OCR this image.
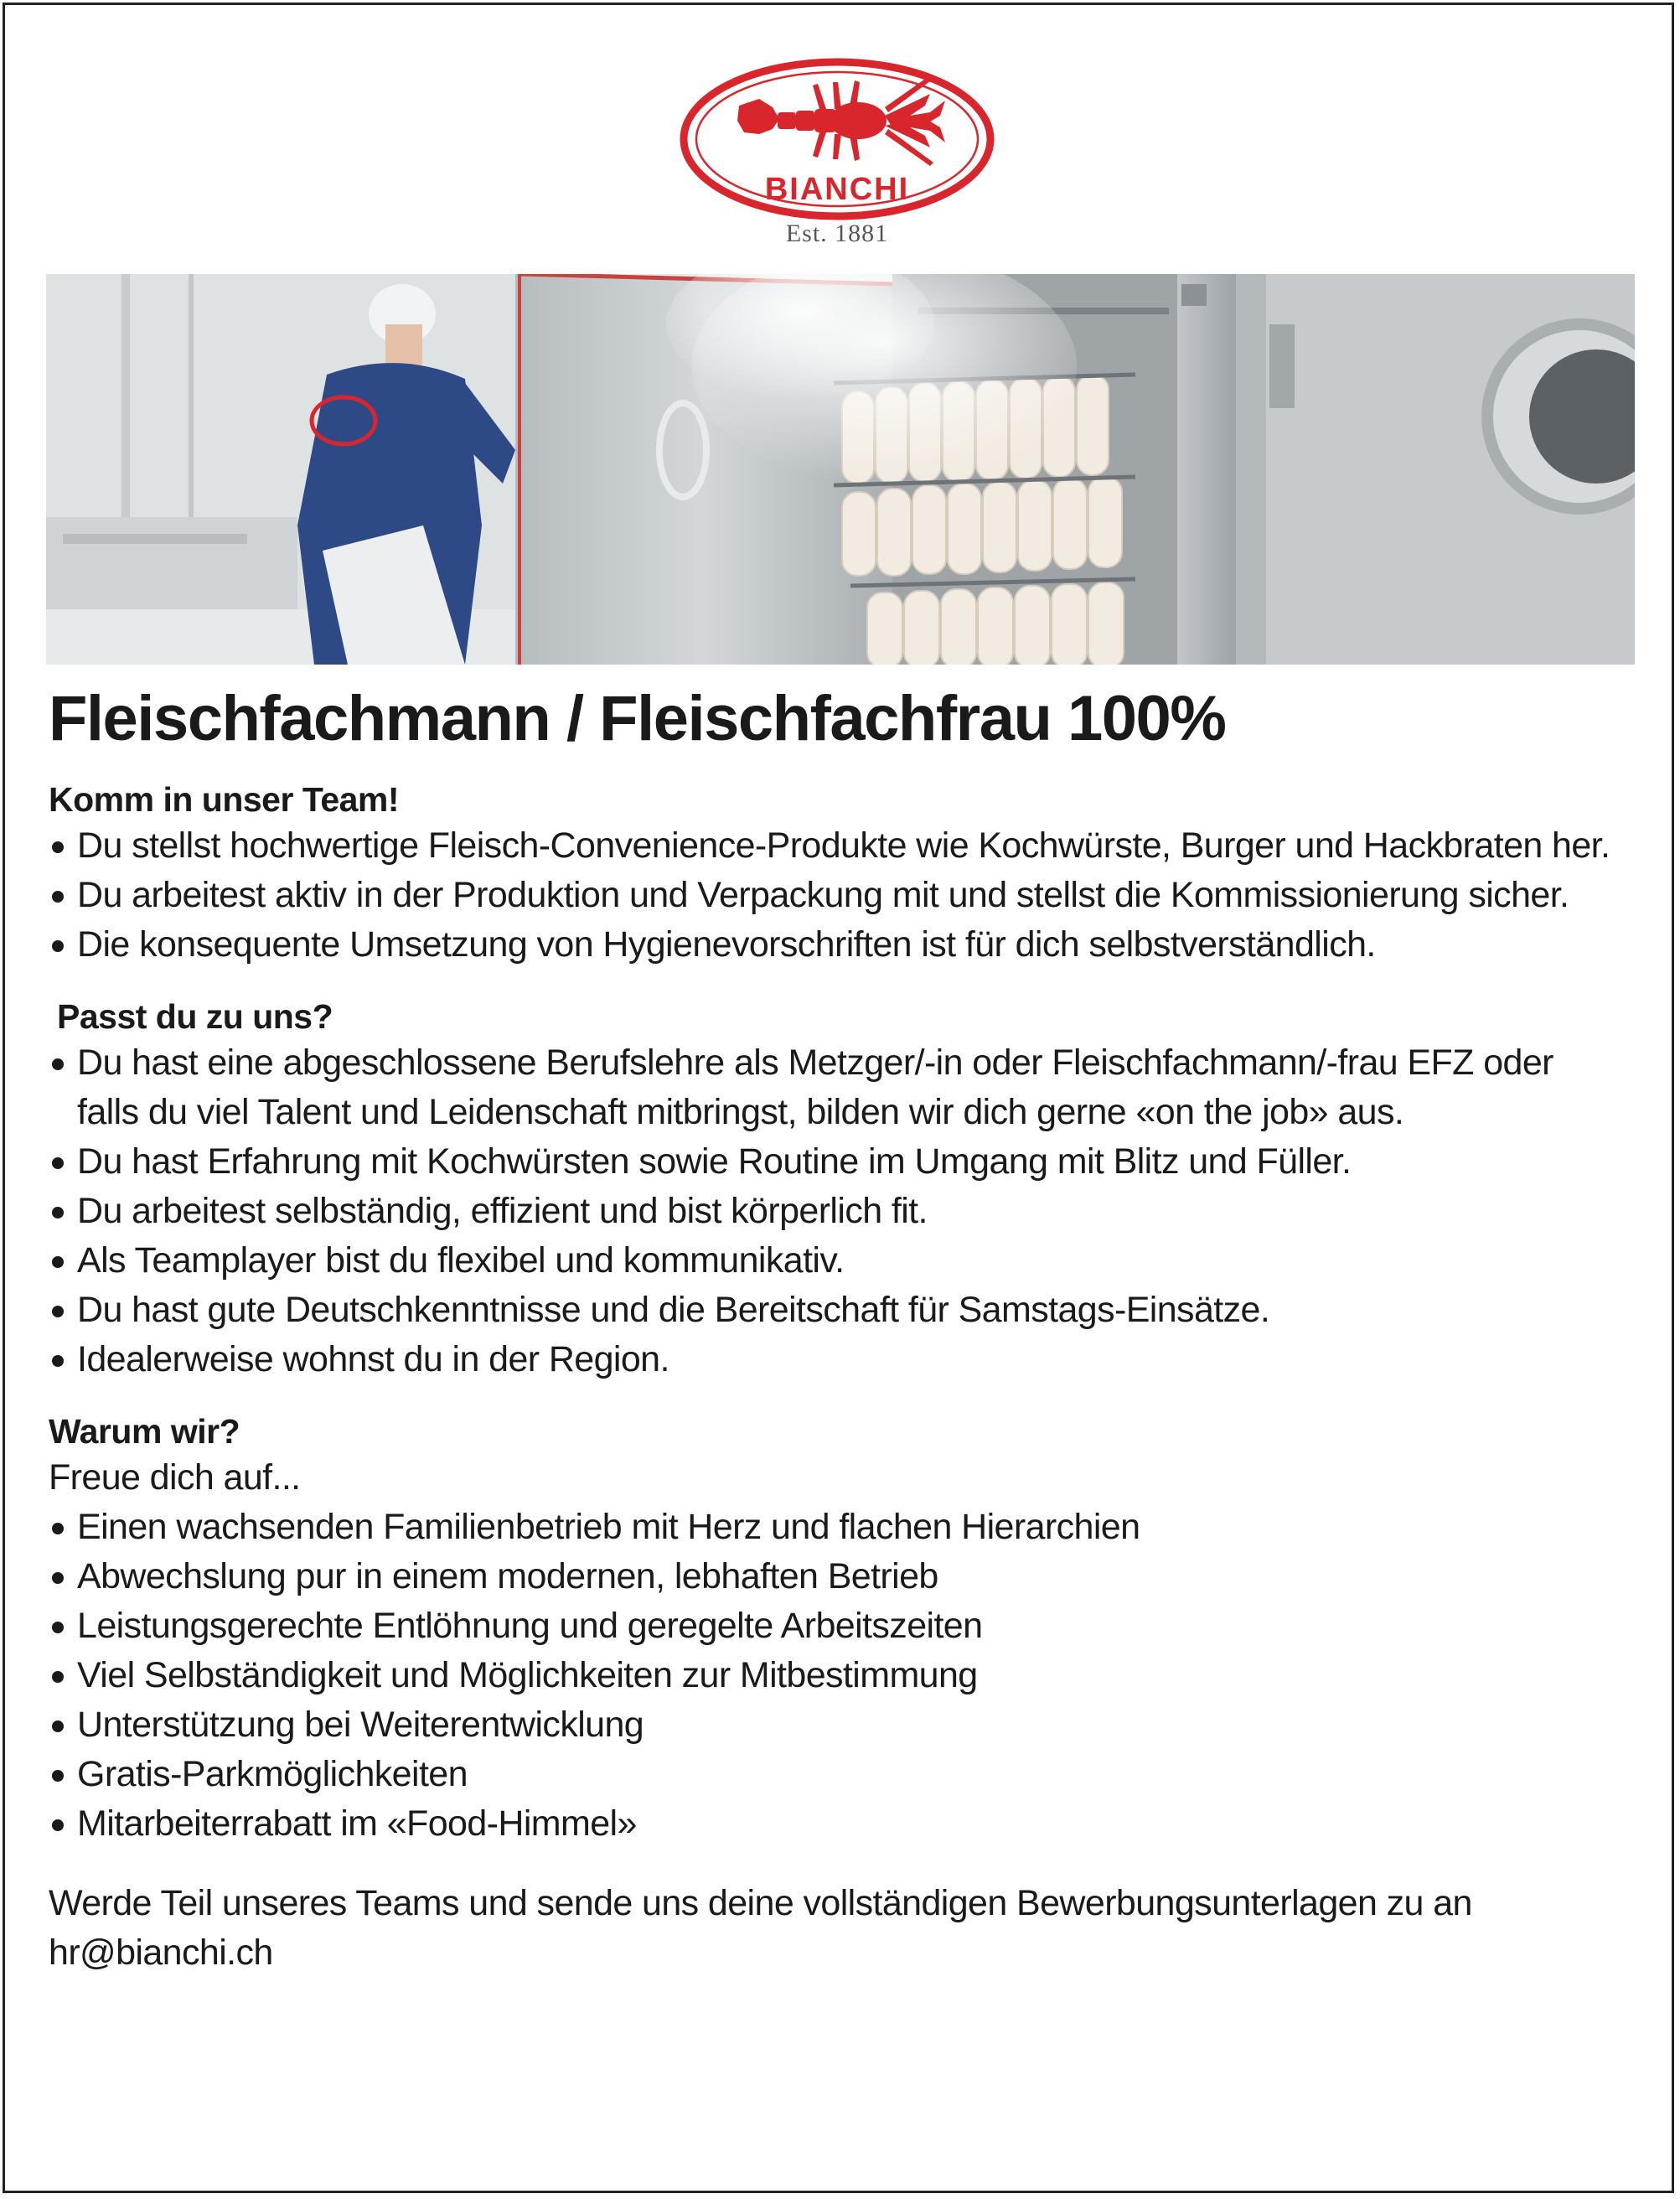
BIANCHI
Est. 1881
Fleischfachmann / Fleischfachfrau 100%
Komm in unser Team!
Du stellst hochwertige Fleisch-Convenience-Produkte wie Kochwürste, Burger und Hackbraten her.
Du arbeitest aktiv in der Produktion und Verpackung mit und stellst die Kommissionierung sicher.
Die konsequente Umsetzung von Hygienevorschriften ist für dich selbstverständlich.
Passt du zu uns?
Du hast eine abgeschlossene Berufslehre als Metzger/-in oder Fleischfachmann/-frau EFZ oder falls du viel Talent und Leidenschaft mitbringst, bilden wir dich gerne «on the job» aus.
Du hast Erfahrung mit Kochwürsten sowie Routine im Umgang mit Blitz und Füller.
Du arbeitest selbständig, effizient und bist körperlich fit.
Als Teamplayer bist du flexibel und kommunikativ.
Du hast gute Deutschkenntnisse und die Bereitschaft für Samstags-Einsätze.
Idealerweise wohnst du in der Region.
Warum wir?

Freue dich auf...

Einen wachsenden Familienbetrieb mit Herz und flachen Hierarchien
Abwechslung pur in einem modernen, lebhaften Betrieb
Leistungsgerechte Entlöhnung und geregelte Arbeitszeiten
Viel Selbständigkeit und Möglichkeiten zur Mitbestimmung
Unterstützung bei Weiterentwicklung
Gratis-Parkmöglichkeiten
Mitarbeiterrabatt im «Food-Himmel»

Werde Teil unseres Teams und sende uns deine vollständigen Bewerbungsunterlagen zu an

hr@bianchi.ch
